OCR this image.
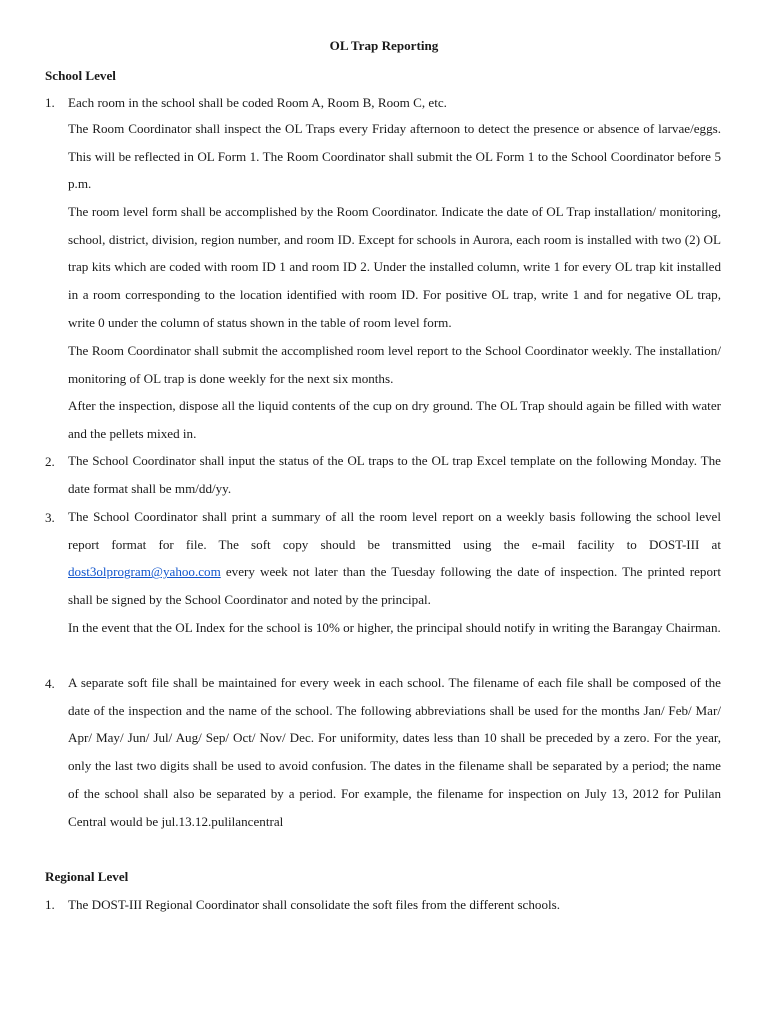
OL Trap Reporting
School Level
1. Each room in the school shall be coded Room A, Room B, Room C, etc.
The Room Coordinator shall inspect the OL Traps every Friday afternoon to detect the presence or absence of larvae/eggs. This will be reflected in OL Form 1. The Room Coordinator shall submit the OL Form 1 to the School Coordinator before 5 p.m.
The room level form shall be accomplished by the Room Coordinator. Indicate the date of OL Trap installation/ monitoring, school, district, division, region number, and room ID. Except for schools in Aurora, each room is installed with two (2) OL trap kits which are coded with room ID 1 and room ID 2. Under the installed column, write 1 for every OL trap kit installed in a room corresponding to the location identified with room ID. For positive OL trap, write 1 and for negative OL trap, write 0 under the column of status shown in the table of room level form.
The Room Coordinator shall submit the accomplished room level report to the School Coordinator weekly. The installation/ monitoring of OL trap is done weekly for the next six months.
After the inspection, dispose all the liquid contents of the cup on dry ground. The OL Trap should again be filled with water and the pellets mixed in.
2. The School Coordinator shall input the status of the OL traps to the OL trap Excel template on the following Monday. The date format shall be mm/dd/yy.
3. The School Coordinator shall print a summary of all the room level report on a weekly basis following the school level report format for file. The soft copy should be transmitted using the e-mail facility to DOST-III at dost3olprogram@yahoo.com every week not later than the Tuesday following the date of inspection. The printed report shall be signed by the School Coordinator and noted by the principal.
In the event that the OL Index for the school is 10% or higher, the principal should notify in writing the Barangay Chairman.
4. A separate soft file shall be maintained for every week in each school. The filename of each file shall be composed of the date of the inspection and the name of the school. The following abbreviations shall be used for the months Jan/ Feb/ Mar/ Apr/ May/ Jun/ Jul/ Aug/ Sep/ Oct/ Nov/ Dec. For uniformity, dates less than 10 shall be preceded by a zero. For the year, only the last two digits shall be used to avoid confusion. The dates in the filename shall be separated by a period; the name of the school shall also be separated by a period. For example, the filename for inspection on July 13, 2012 for Pulilan Central would be jul.13.12.pulilancentral
Regional Level
1. The DOST-III Regional Coordinator shall consolidate the soft files from the different schools.
